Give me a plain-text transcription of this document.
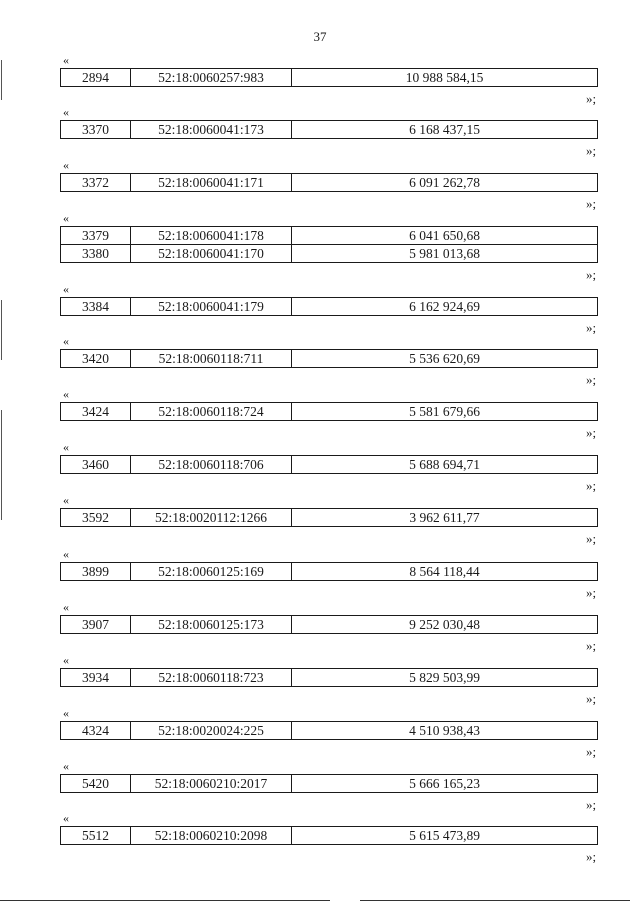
37
«
2894	52:18:0060257:983	10 988 584,15
»;
«
3370	52:18:0060041:173	6 168 437,15
»;
«
3372	52:18:0060041:171	6 091 262,78
»;
«
3379	52:18:0060041:178	6 041 650,68
3380	52:18:0060041:170	5 981 013,68
»;
«
3384	52:18:0060041:179	6 162 924,69
»;
«
3420	52:18:0060118:711	5 536 620,69
»;
«
3424	52:18:0060118:724	5 581 679,66
»;
«
3460	52:18:0060118:706	5 688 694,71
»;
«
3592	52:18:0020112:1266	3 962 611,77
»;
«
3899	52:18:0060125:169	8 564 118,44
»;
«
3907	52:18:0060125:173	9 252 030,48
»;
«
3934	52:18:0060118:723	5 829 503,99
»;
«
4324	52:18:0020024:225	4 510 938,43
»;
«
5420	52:18:0060210:2017	5 666 165,23
»;
«
5512	52:18:0060210:2098	5 615 473,89
»;
